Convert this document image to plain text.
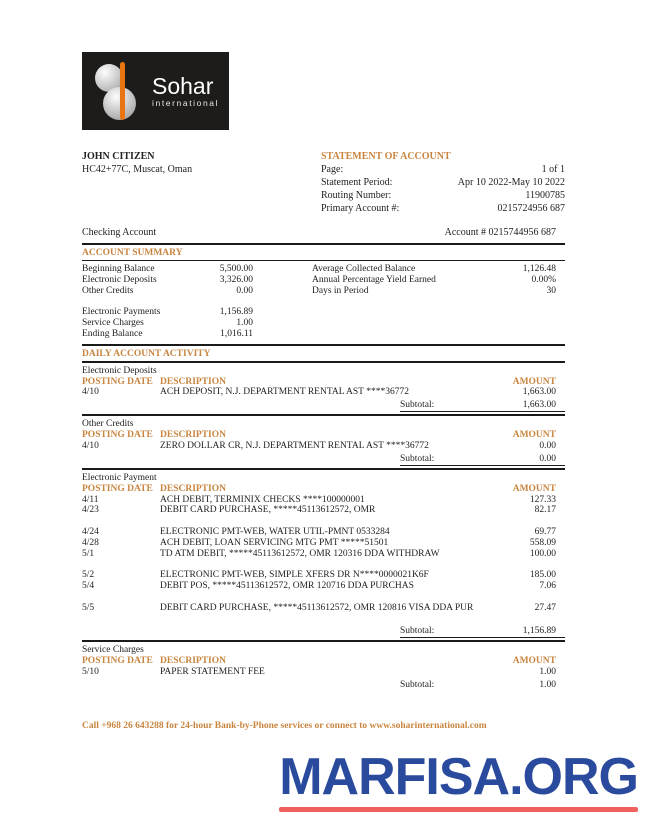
Sohar
international
JOHN CITIZEN
HC42+77C, Muscat, Oman
STATEMENT OF ACCOUNT
Page:	1 of 1
Statement Period:	Apr 10 2022-May 10 2022
Routing Number:	11900785
Primary Account #:	0215724956 687
Checking Account	Account # 0215744956 687
ACCOUNT SUMMARY
Beginning Balance	5,500.00
Electronic Deposits	3,326.00
Other Credits	0.00
Electronic Payments	1,156.89
Service Charges	1.00
Ending Balance	1,016.11
Average Collected Balance	1,126.48
Annual Percentage Yield Earned	0.00%
Days in Period	30
DAILY ACCOUNT ACTIVITY
Electronic Deposits
POSTING DATE DESCRIPTION	AMOUNT
4/10	ACH DEPOSIT, N.J. DEPARTMENT RENTAL AST ****36772	1,663.00
Subtotal:	1,663.00
Other Credits
POSTING DATE DESCRIPTION	AMOUNT
4/10	ZERO DOLLAR CR, N.J. DEPARTMENT RENTAL AST ****36772	0.00
Subtotal:	0.00
Electronic Payment
POSTING DATE DESCRIPTION	AMOUNT
4/11	ACH DEBIT, TERMINIX CHECKS ****100000001	127.33
4/23	DEBIT CARD PURCHASE, *****45113612572, OMR	82.17
4/24	ELECTRONIC PMT-WEB, WATER UTIL-PMNT 0533284	69.77
4/28	ACH DEBIT, LOAN SERVICING MTG PMT *****51501	558.09
5/1	TD ATM DEBIT, *****45113612572, OMR 120316 DDA WITHDRAW	100.00
5/2	ELECTRONIC PMT-WEB, SIMPLE XFERS DR N****0000021K6F	185.00
5/4	DEBIT POS, *****45113612572, OMR 120716 DDA PURCHAS	7.06
5/5	DEBIT CARD PURCHASE, *****45113612572, OMR 120816 VISA DDA PUR	27.47
Subtotal:	1,156.89
Service Charges
POSTING DATE DESCRIPTION	AMOUNT
5/10	PAPER STATEMENT FEE	1.00
Subtotal:	1.00
Call +968 26 643288 for 24-hour Bank-by-Phone services or connect to www.soharinternational.com
MARFISA.ORG
